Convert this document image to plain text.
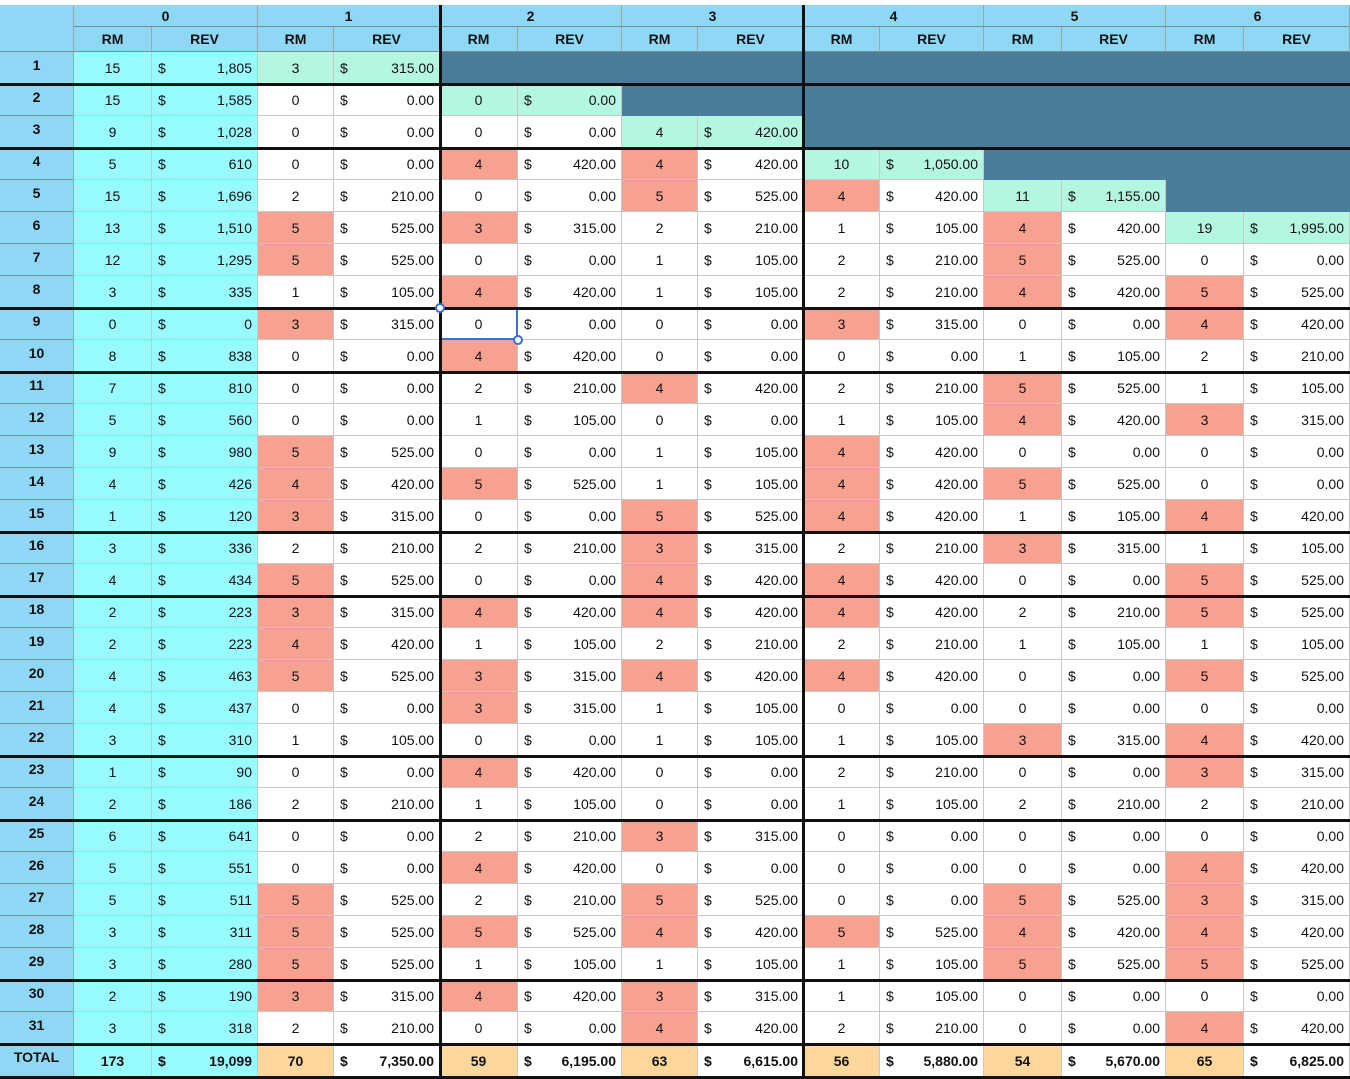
0
RM	REV
1
RM	REV
2
RM	REV
3
RM	REV
4
RM	REV
5
RM	REV
6
RM	REV
1	15	$	1,805	3	$	315.00
2	15	$	1,585	0	$	0.00	0	$	0.00
3	9	$	1,028	0	$	0.00	0	$	0.00	4	$	420.00
4	5	$	610	0	$	0.00	4	$	420.00	4	$	420.00	10	$ 1,050.00
5	15	$	1,696	2	$	210.00	0	$	0.00	5	$	525.00	4	$	420.00	11	$ 1,155.00
6	13	$	1,510	5	$	525.00	3	$	315.00	2	$	210.00	1	$	105.00	4	$	420.00	19	$ 1,995.00
7	12	$	1,295	5	$	525.00	0	$	0.00	1	$	105.00	2	$	210.00	5	$	525.00	0	$	0.00
8	3	$	335	1	$	105.00	4	$	420.00	1	$	105.00	2	$	210.00	4	$	420.00	5	$	525.00
9	0	$	0	3	$	315.00	0	$	0.00	0	$	0.00	3	$	315.00	0	$	0.00	4	$	420.00
10	8	$	838	0	$	0.00	4	$	420.00	0	$	0.00	0	$	0.00	1	$	105.00	2	$	210.00
11	7	$	810	0	$	0.00	2	$	210.00	4	$	420.00	2	$	210.00	5	$	525.00	1	$	105.00
12	5	$	560	0	$	0.00	1	$	105.00	0	$	0.00	1	$	105.00	4	$	420.00	3	$	315.00
13	9	$	980	5	$	525.00	0	$	0.00	1	$	105.00	4	$	420.00	0	$	0.00	0	$	0.00
14	4	$	426	4	$	420.00	5	$	525.00	1	$	105.00	4	$	420.00	5	$	525.00	0	$	0.00
15	1	$	120	3	$	315.00	0	$	0.00	5	$	525.00	4	$	420.00	1	$	105.00	4	$	420.00
16	3	$	336	2	$	210.00	2	$	210.00	3	$	315.00	2	$	210.00	3	$	315.00	1	$	105.00
17	4	$	434	5	$	525.00	0	$	0.00	4	$	420.00	4	$	420.00	0	$	0.00	5	$	525.00
18	2	$	223	3	$	315.00	4	$	420.00	4	$	420.00	4	$	420.00	2	$	210.00	5	$	525.00
19	2	$	223	4	$	420.00	1	$	105.00	2	$	210.00	2	$	210.00	1	$	105.00	1	$	105.00
20	4	$	463	5	$	525.00	3	$	315.00	4	$	420.00	4	$	420.00	0	$	0.00	5	$	525.00
21	4	$	437	0	$	0.00	3	$	315.00	1	$	105.00	0	$	0.00	0	$	0.00	0	$	0.00
22	3	$	310	1	$	105.00	0	$	0.00	1	$	105.00	1	$	105.00	3	$	315.00	4	$	420.00
23	1	$	90	0	$	0.00	4	$	420.00	0	$	0.00	2	$	210.00	0	$	0.00	3	$	315.00
24	2	$	186	2	$	210.00	1	$	105.00	0	$	0.00	1	$	105.00	2	$	210.00	2	$	210.00
25	6	$	641	0	$	0.00	2	$	210.00	3	$	315.00	0	$	0.00	0	$	0.00	0	$	0.00
26	5	$	551	0	$	0.00	4	$	420.00	0	$	0.00	0	$	0.00	0	$	0.00	4	$	420.00
27	5	$	511	5	$	525.00	2	$	210.00	5	$	525.00	0	$	0.00	5	$	525.00	3	$	315.00
28	3	$	311	5	$	525.00	5	$	525.00	4	$	420.00	5	$	525.00	4	$	420.00	4	$	420.00
29	3	$	280	5	$	525.00	1	$	105.00	1	$	105.00	1	$	105.00	5	$	525.00	5	$	525.00
30	2	$	190	3	$	315.00	4	$	420.00	3	$	315.00	1	$	105.00	0	$	0.00	0	$	0.00
31	3	$	318	2	$	210.00	0	$	0.00	4	$	420.00	2	$	210.00	0	$	0.00	4	$	420.00
TOTAL	173	$	19,099	70	$ 7,350.00	59	$ 6,195.00	63	$ 6,615.00	56	$ 5,880.00	54	$ 5,670.00	65	$ 6,825.00
